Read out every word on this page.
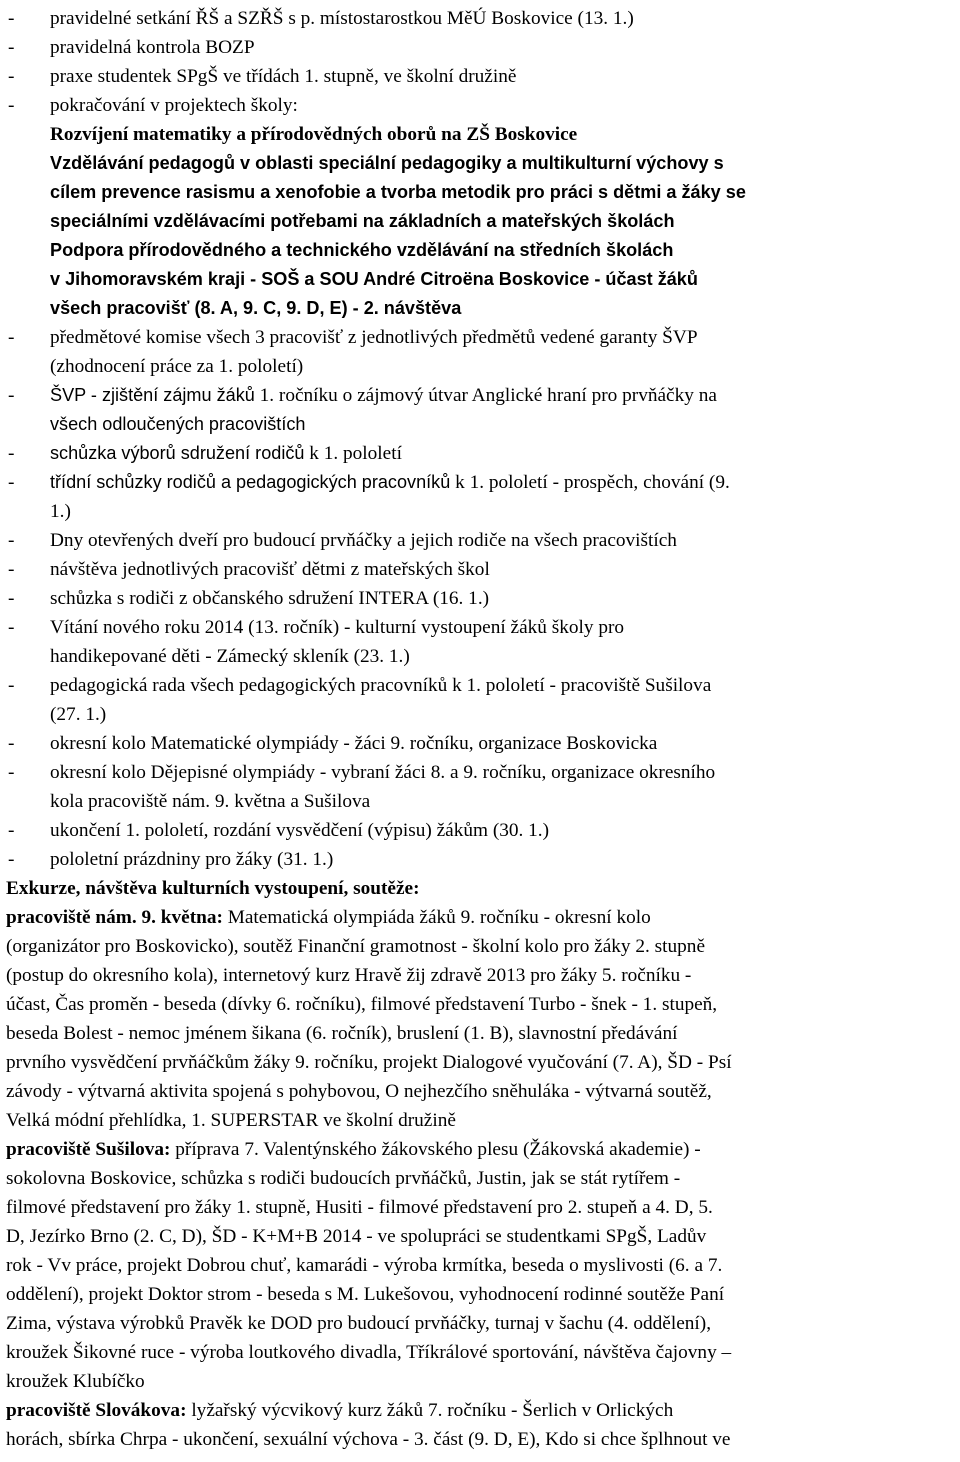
-	pravidelné setkání ŘŠ a SZŘŠ s p. místostarostkou MěÚ Boskovice (13. 1.)
-	pravidelná kontrola BOZP
-	praxe studentek SPgŠ ve třídách 1. stupně, ve školní družině
-	pokračování v projektech školy:
Rozvíjení matematiky a přírodovědných oborů na ZŠ Boskovice
Vzdělávání pedagogů v oblasti speciální pedagogiky a multikulturní výchovy s
cílem prevence rasismu a xenofobie a tvorba metodik pro práci s dětmi a žáky se
speciálními vzdělávacími potřebami na základních a mateřských školách
Podpora přírodovědného a technického vzdělávání na středních školách
v Jihomoravském kraji - SOŠ a SOU André Citroëna Boskovice - účast žáků
všech pracovišť (8. A, 9. C, 9. D, E) - 2. návštěva
-	předmětové komise všech 3 pracovišť z jednotlivých předmětů vedené garanty ŠVP
(zhodnocení práce za 1. pololetí)
-	ŠVP - zjištění zájmu žáků 1. ročníku o zájmový útvar Anglické hraní pro prvňáčky na
všech odloučených pracovištích
-	schůzka výborů sdružení rodičů k 1. pololetí
-	třídní schůzky rodičů a pedagogických pracovníků k 1. pololetí - prospěch, chování (9.
1.)
-	Dny otevřených dveří pro budoucí prvňáčky a jejich rodiče na všech pracovištích
-	návštěva jednotlivých pracovišť dětmi z mateřských škol
-	schůzka s rodiči z občanského sdružení INTERA (16. 1.)
-	Vítání nového roku 2014 (13. ročník) - kulturní vystoupení žáků školy pro
handikepované děti - Zámecký skleník (23. 1.)
-	pedagogická rada všech pedagogických pracovníků k 1. pololetí - pracoviště Sušilova
(27. 1.)
-	okresní kolo Matematické olympiády - žáci 9. ročníku, organizace Boskovicka
-	okresní kolo Dějepisné olympiády - vybraní žáci 8. a 9. ročníku, organizace okresního
kola pracoviště nám. 9. května a Sušilova
-	ukončení 1. pololetí, rozdání vysvědčení (výpisu) žákům (30. 1.)
-	pololetní prázdniny pro žáky (31. 1.)
Exkurze, návštěva kulturních vystoupení, soutěže:
pracoviště nám. 9. května: Matematická olympiáda žáků 9. ročníku - okresní kolo
(organizátor pro Boskovicko), soutěž Finanční gramotnost - školní kolo pro žáky 2. stupně
(postup do okresního kola), internetový kurz Hravě žij zdravě 2013 pro žáky 5. ročníku -
účast, Čas proměn - beseda (dívky 6. ročníku), filmové představení Turbo - šnek - 1. stupeň,
beseda Bolest - nemoc jménem šikana (6. ročník), bruslení (1. B), slavnostní předávání
prvního vysvědčení prvňáčkům žáky 9. ročníku, projekt Dialogové vyučování (7. A), ŠD - Psí
závody - výtvarná aktivita spojená s pohybovou, O nejhezčího sněhuláka - výtvarná soutěž,
Velká módní přehlídka, 1. SUPERSTAR ve školní družině
pracoviště Sušilova: příprava 7. Valentýnského žákovského plesu (Žákovská akademie) -
sokolovna Boskovice, schůzka s rodiči budoucích prvňáčků, Justin, jak se stát rytířem -
filmové představení pro žáky 1. stupně, Husiti - filmové představení pro 2. stupeň a 4. D, 5.
D, Jezírko Brno (2. C, D), ŠD - K+M+B 2014 - ve spolupráci se studentkami SPgŠ, Ladův
rok - Vv práce, projekt Dobrou chuť, kamarádi - výroba krmítka, beseda o myslivosti (6. a 7.
oddělení), projekt Doktor strom - beseda s M. Lukešovou, vyhodnocení rodinné soutěže Paní
Zima, výstava výrobků Pravěk ke DOD pro budoucí prvňáčky, turnaj v šachu (4. oddělení),
kroužek Šikovné ruce - výroba loutkového divadla, Tříkrálové sportování, návštěva čajovny –
kroužek Klubíčko
pracoviště Slovákova: lyžařský výcvikový kurz žáků 7. ročníku - Šerlich v Orlických
horách, sbírka Chrpa - ukončení, sexuální výchova - 3. část (9. D, E), Kdo si chce šplhnout ve
